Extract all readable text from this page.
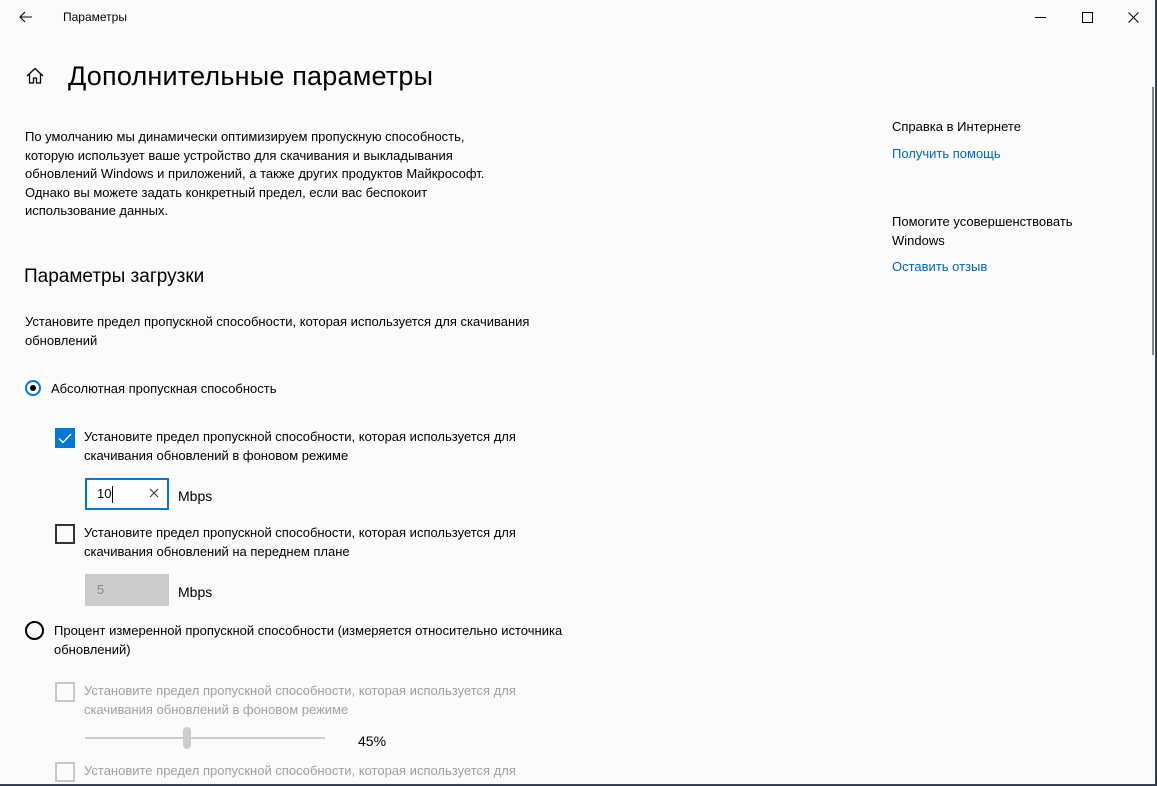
Параметры
Дополнительные параметры
По умолчанию мы динамически оптимизируем пропускную способность, которую использует ваше устройство для скачивания и выкладывания обновлений Windows и приложений, а также других продуктов Майкрософт. Однако вы можете задать конкретный предел, если вас беспокоит использование данных.
Параметры загрузки
Установите предел пропускной способности, которая используется для скачивания обновлений
Абсолютная пропускная способность
Установите предел пропускной способности, которая используется для скачивания обновлений в фоновом режиме
10	Mbps
Установите предел пропускной способности, которая используется для скачивания обновлений на переднем плане
5	Mbps
Процент измеренной пропускной способности (измеряется относительно источника обновлений)
Установите предел пропускной способности, которая используется для скачивания обновлений в фоновом режиме
45%
Установите предел пропускной способности, которая используется для
Справка в Интернете
Получить помощь
Помогите усовершенствовать Windows
Оставить отзыв
